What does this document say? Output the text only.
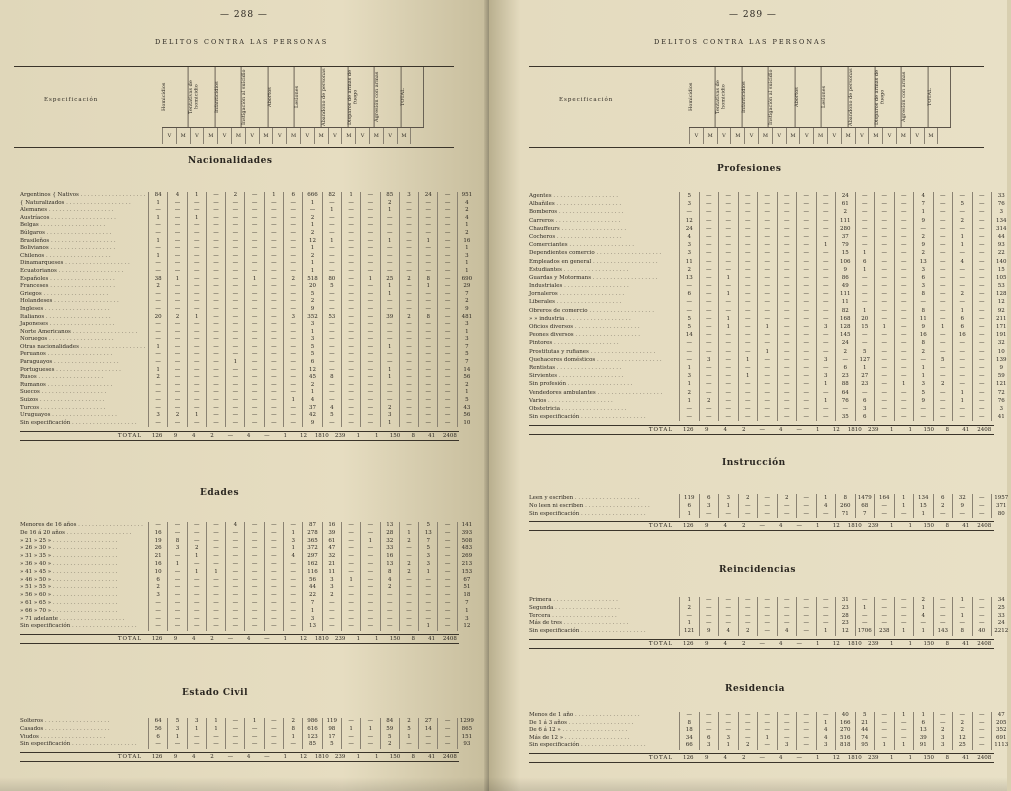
— 288 —
DELITOS CONTRA LAS PERSONAS
Especificación	Homicidios	Tentativas de homicidio	Infanticidios	Instigación al suicidio	Abortos	Lesiones	Abandono de personas	Disparos de armas de fuego	Agresión con armas	TOTAL
V	M	V	M	V	M	V	M	V	M	V	M	V	M	V	M	V	M
Nacionalidades
Argentinos { Nativos . . . . . . . . . . . . . . . . . . .	84	4	1	—	2	—	1	6	666	82	1	—	85	3	24	—	951
{ Naturalizados . . . . . . . . . . . . . . . . . . .	1	—	—	—	—	—	—	—	1	—	—	—	2	—	—	—	4
Alemanes . . . . . . . . . . . . . . . . . . .	—	—	—	—	—	—	—	—	—	1	—	—	1	—	—	—	2
Austríacos . . . . . . . . . . . . . . . . . . .	1	—	1	—	—	—	—	—	2	—	—	—	—	—	—	—	4
Belgas . . . . . . . . . . . . . . . . . . .	—	—	—	—	—	—	—	—	1	—	—	—	—	—	—	—	1
Búlgaros . . . . . . . . . . . . . . . . . . .	—	—	—	—	—	—	—	—	2	—	—	—	—	—	—	—	2
Brasileños . . . . . . . . . . . . . . . . . . .	1	—	—	—	—	—	—	—	12	1	—	—	1	—	1	—	16
Bolivianos . . . . . . . . . . . . . . . . . . .	—	—	—	—	—	—	—	—	1	—	—	—	—	—	—	—	1
Chilenos . . . . . . . . . . . . . . . . . . .	1	—	—	—	—	—	—	—	2	—	—	—	—	—	—	—	3
Dinamarqueses . . . . . . . . . . . . . . . . . . .	—	—	—	—	—	—	—	—	1	—	—	—	—	—	—	—	1
Ecuatorianos . . . . . . . . . . . . . . . . . . .	—	—	—	—	—	—	—	—	1	—	—	—	—	—	—	—	1
Españoles . . . . . . . . . . . . . . . . . . .	38	1	—	—	—	1	—	2	518	80	—	1	25	2	8	—	690
Franceses . . . . . . . . . . . . . . . . . . .	2	—	—	—	—	—	—	—	20	5	—	—	1	—	1	—	29
Griegos . . . . . . . . . . . . . . . . . . .	—	—	—	—	—	—	—	—	5	—	—	—	1	—	—	—	7
Holandeses . . . . . . . . . . . . . . . . . . .	—	—	—	—	—	—	—	—	2	—	—	—	—	—	—	—	2
Ingleses . . . . . . . . . . . . . . . . . . .	—	—	—	—	—	—	—	—	9	—	—	—	—	—	—	—	9
Italianos . . . . . . . . . . . . . . . . . . .	20	2	1	—	—	—	—	3	352	53	—	—	39	2	8	—	481
Japoneses . . . . . . . . . . . . . . . . . . .	—	—	—	—	—	—	—	—	3	—	—	—	—	—	—	—	3
Norte Americanos . . . . . . . . . . . . . . . . . . .	—	—	—	—	—	—	—	—	1	—	—	—	—	—	—	—	1
Noruegos . . . . . . . . . . . . . . . . . . .	—	—	—	—	—	—	—	—	3	—	—	—	—	—	—	—	3
Otras nacionalidades . . . . . . . . . . . . . . . . . . .	1	—	—	—	—	—	—	—	5	—	—	—	1	—	—	—	7
Peruanos . . . . . . . . . . . . . . . . . . .	—	—	—	—	—	—	—	—	5	—	—	—	—	—	—	—	5
Paraguayos . . . . . . . . . . . . . . . . . . .	—	—	—	—	1	—	—	—	6	—	—	—	—	—	—	—	7
Portugueses . . . . . . . . . . . . . . . . . . .	1	—	—	—	—	—	—	—	12	—	—	—	1	—	—	—	14
Rusos . . . . . . . . . . . . . . . . . . .	2	—	—	—	—	—	—	—	45	8	—	—	1	—	—	—	56
Rumanos . . . . . . . . . . . . . . . . . . .	—	—	—	—	—	—	—	—	2	—	—	—	—	—	—	—	2
Suecos . . . . . . . . . . . . . . . . . . .	—	—	—	—	—	—	—	—	1	—	—	—	—	—	—	—	1
Suizos . . . . . . . . . . . . . . . . . . .	—	—	—	—	—	—	—	1	4	—	—	—	—	—	—	—	5
Turcos . . . . . . . . . . . . . . . . . . .	—	—	—	—	—	—	—	—	37	4	—	—	2	—	—	—	43
Uruguayos . . . . . . . . . . . . . . . . . . .	3	2	1	—	—	—	—	—	42	5	—	—	3	—	—	—	56
Sin especificación . . . . . . . . . . . . . . . . . . .	—	—	—	—	—	—	—	—	9	—	—	—	1	—	—	—	10
TOTAL	126	9	4	2	—	4	—	1	12	1810	239	1	1	150	8	41	2408
Edades
Menores de 16 años . . . . . . . . . . . . . . . . . . .	—	—	—	—	4	—	—	—	87	16	—	—	13	—	5	—	141
De 16 á 20 años . . . . . . . . . . . . . . . . . . .	16	—	—	—	—	—	—	1	278	39	—	—	28	1	13	—	393
» 21 » 25 » . . . . . . . . . . . . . . . . . . .	19	8	—	—	—	—	—	3	365	61	—	1	32	2	7	—	508
» 26 » 30 » . . . . . . . . . . . . . . . . . . .	26	3	2	—	—	—	—	1	372	47	—	—	33	—	5	—	483
» 31 » 35 » . . . . . . . . . . . . . . . . . . .	21	—	1	—	—	—	—	4	297	32	—	—	16	—	3	—	269
» 36 » 40 » . . . . . . . . . . . . . . . . . . .	16	1	—	—	—	—	—	—	162	21	—	—	13	2	3	—	213
» 41 » 45 » . . . . . . . . . . . . . . . . . . .	10	—	1	1	—	—	—	—	116	11	—	—	8	2	1	—	153
» 46 » 50 » . . . . . . . . . . . . . . . . . . .	6	—	—	—	—	—	—	—	56	3	1	—	4	—	—	—	67
» 51 » 55 » . . . . . . . . . . . . . . . . . . .	2	—	—	—	—	—	—	—	44	3	—	—	2	—	—	—	51
» 56 » 60 » . . . . . . . . . . . . . . . . . . .	3	—	—	—	—	—	—	—	22	2	—	—	—	—	—	—	18
» 61 » 65 » . . . . . . . . . . . . . . . . . . .	—	—	—	—	—	—	—	—	7	—	—	—	—	—	—	—	7
» 66 » 70 » . . . . . . . . . . . . . . . . . . .	—	—	—	—	—	—	—	—	1	—	—	—	—	—	—	—	1
» 71 adelante . . . . . . . . . . . . . . . . . . .	—	—	—	—	—	—	—	—	3	—	—	—	—	—	—	—	3
Sin especificación . . . . . . . . . . . . . . . . . . .	—	—	—	—	—	—	—	—	13	—	—	—	—	—	1	—	12
TOTAL	126	9	4	2	—	4	—	1	12	1810	239	1	1	150	8	41	2408
Estado Civil
Solteros . . . . . . . . . . . . . . . . . . .	64	5	3	1	—	1	—	2	986	119	—	—	84	2	27	—	1299
Casados . . . . . . . . . . . . . . . . . . .	56	3	1	1	—	—	—	8	616	98	1	1	59	5	14	—	865
Viudos . . . . . . . . . . . . . . . . . . .	6	1	—	—	—	—	—	1	123	17	—	—	5	1	—	—	151
Sin especificación . . . . . . . . . . . . . . . . . . .	—	—	—	—	—	—	—	—	85	5	—	—	2	—	—	—	93
TOTAL	126	9	4	2	—	4	—	1	12	1810	239	1	1	150	8	41	2408
— 289 —
DELITOS CONTRA LAS PERSONAS
Especificación	Homicidios	Tentativas de homicidio	Infanticidios	Instigación al suicidio	Abortos	Lesiones	Abandono de personas	Disparos de armas de fuego	Agresión con armas	TOTAL
V	M	V	M	V	M	V	M	V	M	V	M	V	M	V	M	V	M
Profesiones
Agentes . . . . . . . . . . . . . . . . . . .	5	—	—	—	—	—	—	—	24	—	—	—	4	—	—	—	33
Albañiles . . . . . . . . . . . . . . . . . . .	3	—	—	—	—	—	—	—	61	—	—	—	7	—	5	—	76
Bomberos . . . . . . . . . . . . . . . . . . .	—	—	—	—	—	—	—	—	2	—	—	—	1	—	—	—	3
Carreros . . . . . . . . . . . . . . . . . . .	12	—	—	—	—	—	—	—	111	—	—	—	9	—	2	—	134
Chauffeurs . . . . . . . . . . . . . . . . . . .	24	—	—	—	—	—	—	—	280	—	—	—	—	—	—	—	314
Cocheros . . . . . . . . . . . . . . . . . . .	4	—	—	—	—	—	—	—	37	—	—	—	2	—	1	—	44
Comerciantes . . . . . . . . . . . . . . . . . . .	3	—	—	—	—	—	—	1	79	—	—	—	9	—	1	—	93
Dependientes comercio . . . . . . . . . . . . . . . . . . .	3	—	—	—	—	—	—	—	15	1	—	—	2	—	—	—	22
Empleados en general . . . . . . . . . . . . . . . . . . .	11	—	—	—	—	—	—	—	106	6	—	—	13	—	4	—	140
Estudiantes . . . . . . . . . . . . . . . . . . .	2	—	—	—	—	—	—	—	9	1	—	—	3	—	—	—	15
Guardas y Motormans . . . . . . . . . . . . . . . . . . .	13	—	1	—	—	—	—	—	86	—	—	—	6	—	—	—	105
Industriales . . . . . . . . . . . . . . . . . . .	—	—	—	—	—	—	—	—	49	—	—	—	3	—	—	—	53
Jornaleros . . . . . . . . . . . . . . . . . . .	6	—	1	—	—	—	—	—	111	—	—	—	8	—	2	—	128
Liberales . . . . . . . . . . . . . . . . . . .	—	—	—	—	—	—	—	—	11	—	—	—	—	—	—	—	12
Obreros de comercio . . . . . . . . . . . . . . . . . . .	—	—	—	—	—	—	—	—	82	1	—	—	8	—	1	—	92
» » industria . . . . . . . . . . . . . . . . . . .	5	—	1	—	—	—	—	—	168	20	—	—	11	—	6	—	211
Oficios diversos . . . . . . . . . . . . . . . . . . .	5	—	1	—	1	—	—	3	128	15	1	—	9	1	6	—	171
Peones diversos . . . . . . . . . . . . . . . . . . .	14	—	—	—	—	—	—	—	145	—	—	—	16	—	16	—	191
Pintores . . . . . . . . . . . . . . . . . . .	—	—	—	—	—	—	—	—	24	—	—	—	8	—	—	—	32
Prostitutas y rufianes . . . . . . . . . . . . . . . . . . .	—	—	—	—	1	—	—	—	2	5	—	—	2	—	—	—	10
Quehaceres domésticos . . . . . . . . . . . . . . . . . . .	—	3	—	1	—	—	—	3	—	127	—	—	—	5	—	—	139
Rentistas . . . . . . . . . . . . . . . . . . .	1	—	—	—	—	—	—	—	6	1	—	—	1	—	—	—	9
Sirvientes . . . . . . . . . . . . . . . . . . .	3	—	—	1	—	—	—	3	23	27	—	—	1	—	—	—	59
Sin profesión . . . . . . . . . . . . . . . . . . .	1	—	—	—	—	—	—	1	88	23	—	1	3	2	—	—	121
Vendedores ambulantes . . . . . . . . . . . . . . . . . . .	2	—	—	—	—	—	—	—	64	—	—	—	5	—	1	—	72
Varios . . . . . . . . . . . . . . . . . . .	1	2	—	—	—	—	—	1	76	6	—	—	9	—	1	—	76
Obstetricia . . . . . . . . . . . . . . . . . . .	—	—	—	—	—	—	—	—	—	3	—	—	—	—	—	—	3
Sin especificación . . . . . . . . . . . . . . . . . . .	—	—	—	—	—	—	—	—	35	6	—	—	—	—	—	—	41
TOTAL	126	9	4	2	—	4	—	1	12	1810	239	1	1	150	8	41	2408
Instrucción
Leen y escriben . . . . . . . . . . . . . . . . . . .	119	6	3	2	—	2	—	1	8	1479	164	1	134	6	32	—	1957
No leen ni escriben . . . . . . . . . . . . . . . . . . .	6	3	1	—	—	—	—	4	260	68	—	1	15	2	9	—	371
Sin especificación . . . . . . . . . . . . . . . . . . .	1	—	—	—	—	—	—	—	71	7	—	—	1	—	—	—	80
TOTAL	126	9	4	2	—	4	—	1	12	1810	239	1	1	150	8	41	2408
Reincidencias
Primera . . . . . . . . . . . . . . . . . . .	1	—	—	—	—	—	—	—	31	—	—	—	2	—	1	—	34
Segunda . . . . . . . . . . . . . . . . . . .	2	—	—	—	—	—	—	—	23	1	—	—	1	—	—	—	25
Tercera . . . . . . . . . . . . . . . . . . .	—	—	—	—	—	—	—	—	28	—	—	—	4	—	1	—	33
Más de tres . . . . . . . . . . . . . . . . . . .	1	—	—	—	—	—	—	—	23	—	—	—	—	—	—	—	24
Sin especificación . . . . . . . . . . . . . . . . . . .	121	9	4	2	—	4	—	1	12	1706	238	1	1	143	8	40	2212
TOTAL	126	9	4	2	—	4	—	1	12	1810	239	1	1	150	8	41	2408
Residencia
Menos de 1 año . . . . . . . . . . . . . . . . . . .	—	—	—	—	—	—	—	—	40	5	—	1	1	—	—	—	47
De 1 á 3 años . . . . . . . . . . . . . . . . . . .	8	—	—	—	—	—	—	1	166	21	—	—	6	—	2	—	205
De 6 á 12 » . . . . . . . . . . . . . . . . . . .	18	—	—	—	—	—	—	4	270	44	—	—	13	2	2	—	352
Más de 12 » . . . . . . . . . . . . . . . . . . .	34	6	3	—	1	—	—	4	516	74	—	—	39	3	12	—	691
Sin especificación . . . . . . . . . . . . . . . . . . .	66	3	1	2	—	3	—	3	818	95	1	1	91	3	25	—	1113
TOTAL	126	9	4	2	—	4	—	1	12	1810	239	1	1	150	8	41	2408
